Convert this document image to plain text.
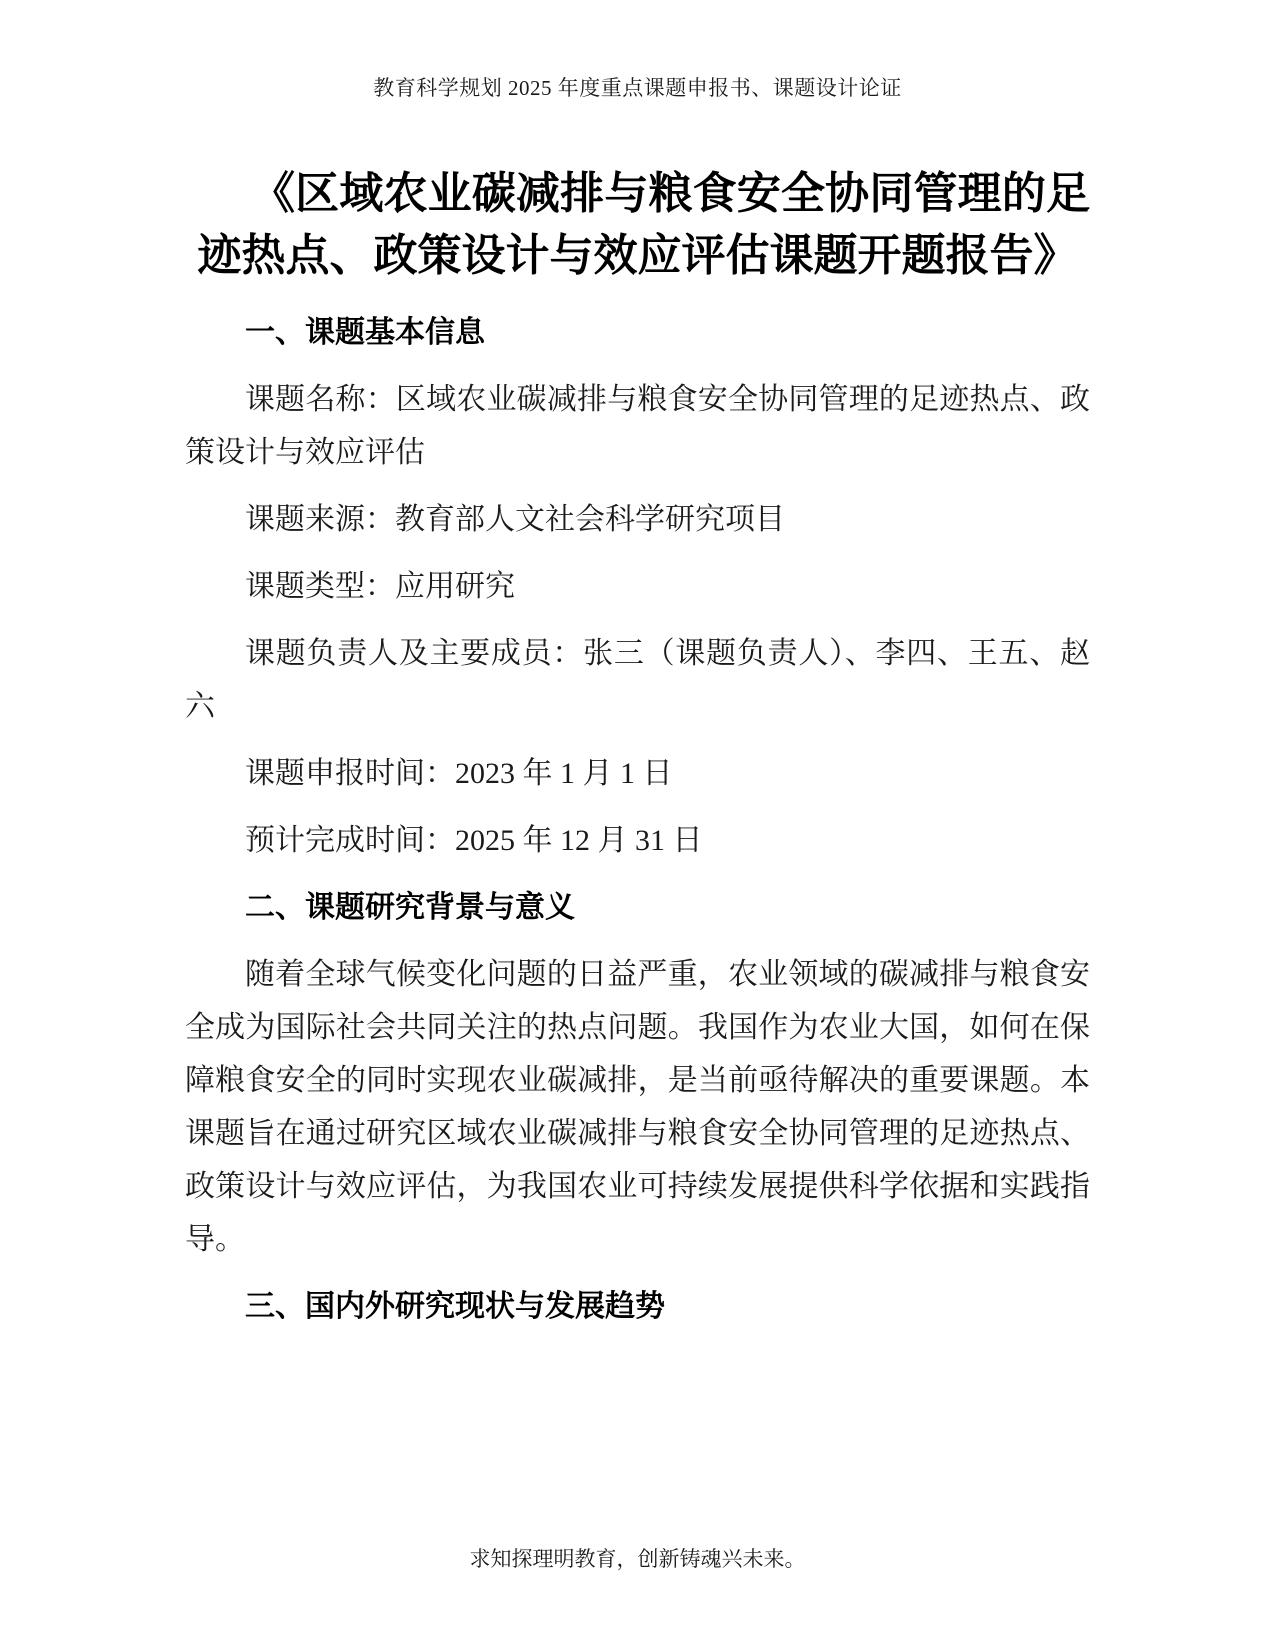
教育科学规划 2025 年度重点课题申报书、课题设计论证
《区域农业碳减排与粮食安全协同管理的足迹热点、政策设计与效应评估课题开题报告》
一、课题基本信息

课题名称：区域农业碳减排与粮食安全协同管理的足迹热点、政策设计与效应评估

课题来源：教育部人文社会科学研究项目

课题类型：应用研究

课题负责人及主要成员：张三（课题负责人）、李四、王五、赵六

课题申报时间：2023 年 1 月 1 日

预计完成时间：2025 年 12 月 31 日

二、课题研究背景与意义

随着全球气候变化问题的日益严重，农业领域的碳减排与粮食安全成为国际社会共同关注的热点问题。我国作为农业大国，如何在保障粮食安全的同时实现农业碳减排，是当前亟待解决的重要课题。本课题旨在通过研究区域农业碳减排与粮食安全协同管理的足迹热点、政策设计与效应评估，为我国农业可持续发展提供科学依据和实践指导。

三、国内外研究现状与发展趋势
求知探理明教育，创新铸魂兴未来。
